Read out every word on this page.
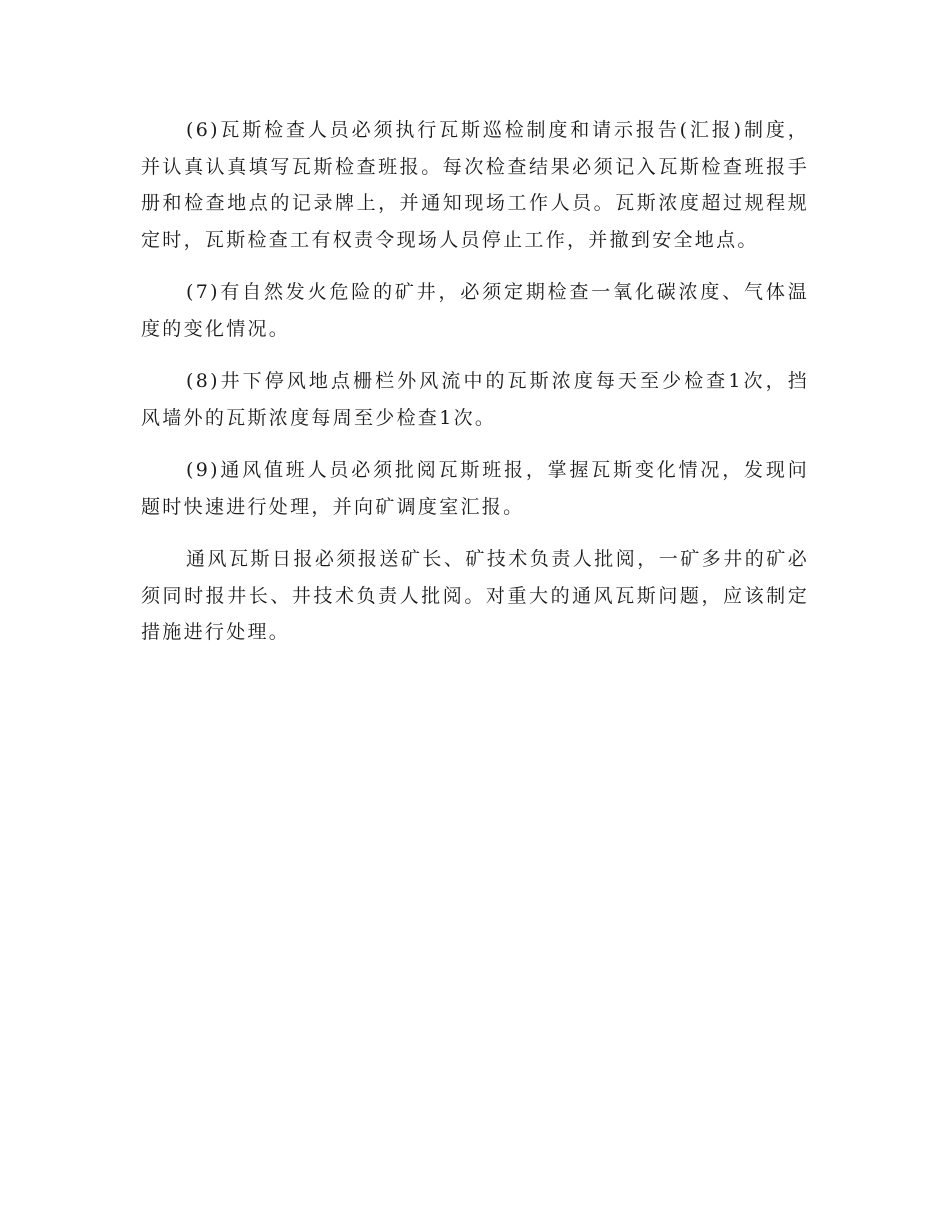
(6)瓦斯检查人员必须执行瓦斯巡检制度和请示报告(汇报)制度，并认真认真填写瓦斯检查班报。每次检查结果必须记入瓦斯检查班报手册和检查地点的记录牌上，并通知现场工作人员。瓦斯浓度超过规程规定时，瓦斯检查工有权责令现场人员停止工作，并撤到安全地点。

(7)有自然发火危险的矿井，必须定期检查一氧化碳浓度、气体温度的变化情况。

(8)井下停风地点栅栏外风流中的瓦斯浓度每天至少检查1次，挡风墙外的瓦斯浓度每周至少检查1次。

(9)通风值班人员必须批阅瓦斯班报，掌握瓦斯变化情况，发现问题时快速进行处理，并向矿调度室汇报。

通风瓦斯日报必须报送矿长、矿技术负责人批阅，一矿多井的矿必须同时报井长、井技术负责人批阅。对重大的通风瓦斯问题，应该制定措施进行处理。
